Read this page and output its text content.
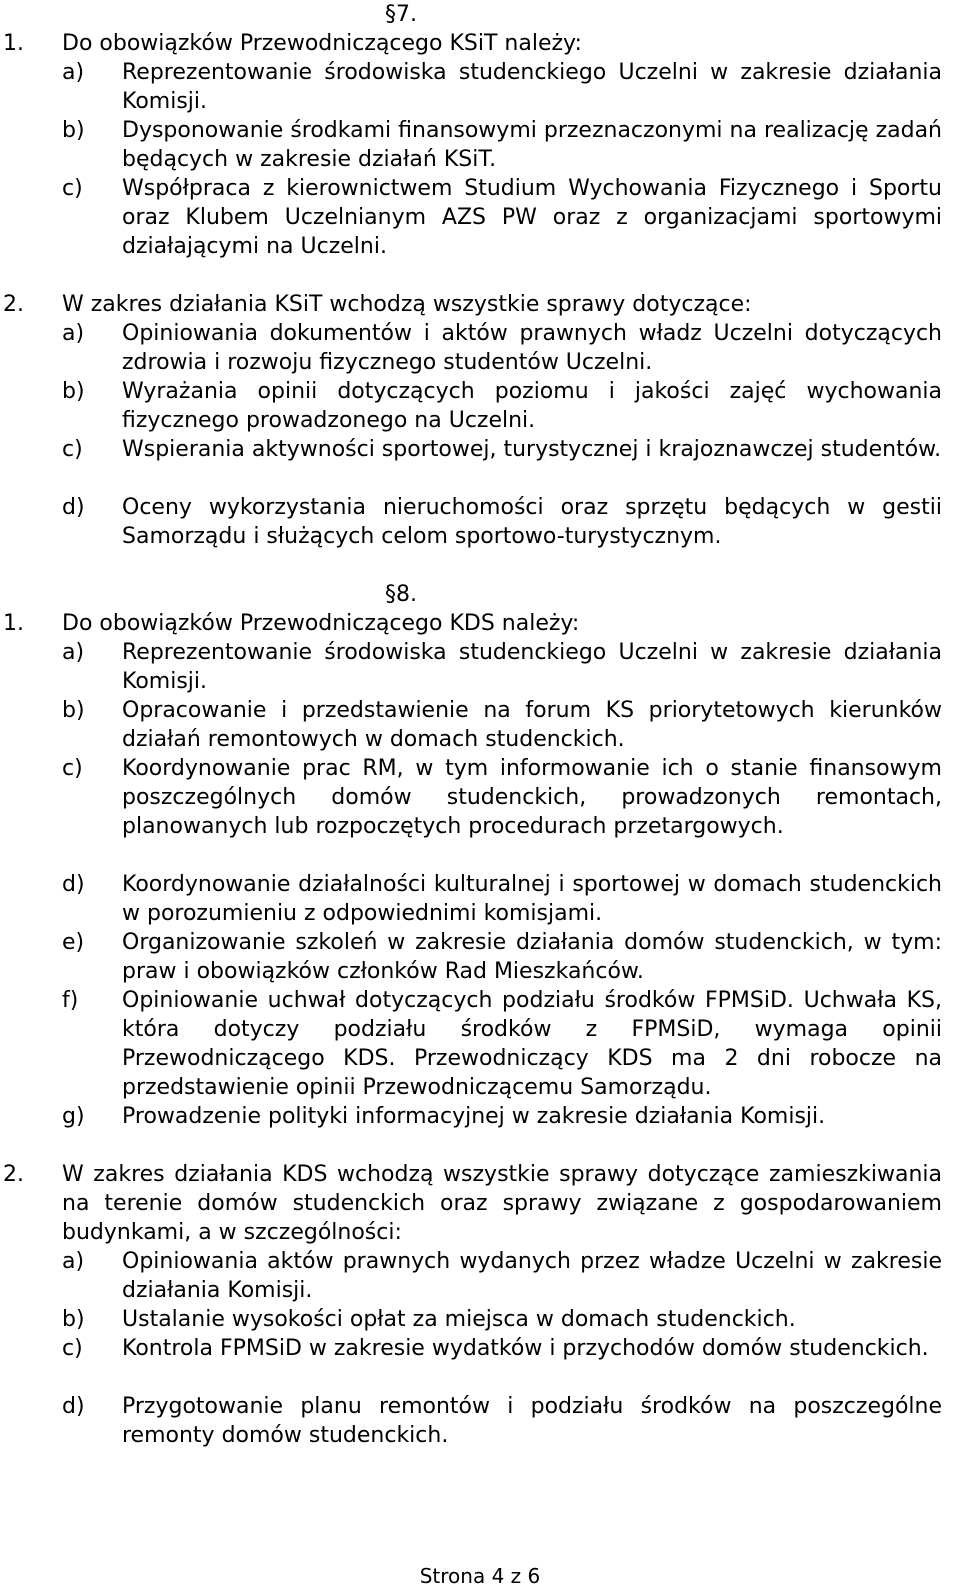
§7.
1. Do obowiązków Przewodniczącego KSiT należy:
a) Reprezentowanie środowiska studenckiego Uczelni w zakresie działania Komisji.
b) Dysponowanie środkami finansowymi przeznaczonymi na realizację zadań będących w zakresie działań KSiT.
c) Współpraca z kierownictwem Studium Wychowania Fizycznego i Sportu oraz Klubem Uczelnianym AZS PW oraz z organizacjami sportowymi działającymi na Uczelni.
2. W zakres działania KSiT wchodzą wszystkie sprawy dotyczące:
a) Opiniowania dokumentów i aktów prawnych władz Uczelni dotyczących zdrowia i rozwoju fizycznego studentów Uczelni.
b) Wyrażania opinii dotyczących poziomu i jakości zajęć wychowania fizycznego prowadzonego na Uczelni.
c) Wspierania aktywności sportowej, turystycznej i krajoznawczej studentów.
d) Oceny wykorzystania nieruchomości oraz sprzętu będących w gestii Samorządu i służących celom sportowo-turystycznym.
§8.
1. Do obowiązków Przewodniczącego KDS należy:
a) Reprezentowanie środowiska studenckiego Uczelni w zakresie działania Komisji.
b) Opracowanie i przedstawienie na forum KS priorytetowych kierunków działań remontowych w domach studenckich.
c) Koordynowanie prac RM, w tym informowanie ich o stanie finansowym poszczególnych domów studenckich, prowadzonych remontach, planowanych lub rozpoczętych procedurach przetargowych.
d) Koordynowanie działalności kulturalnej i sportowej w domach studenckich w porozumieniu z odpowiednimi komisjami.
e) Organizowanie szkoleń w zakresie działania domów studenckich, w tym: praw i obowiązków członków Rad Mieszkańców.
f) Opiniowanie uchwał dotyczących podziału środków FPMSiD. Uchwała KS, która dotyczy podziału środków z FPMSiD, wymaga opinii Przewodniczącego KDS. Przewodniczący KDS ma 2 dni robocze na przedstawienie opinii Przewodniczącemu Samorządu.
g) Prowadzenie polityki informacyjnej w zakresie działania Komisji.
2. W zakres działania KDS wchodzą wszystkie sprawy dotyczące zamieszkiwania na terenie domów studenckich oraz sprawy związane z gospodarowaniem budynkami, a w szczególności:
a) Opiniowania aktów prawnych wydanych przez władze Uczelni w zakresie działania Komisji.
b) Ustalanie wysokości opłat za miejsca w domach studenckich.
c) Kontrola FPMSiD w zakresie wydatków i przychodów domów studenckich.
d) Przygotowanie planu remontów i podziału środków na poszczególne remonty domów studenckich.
Strona 4 z 6
